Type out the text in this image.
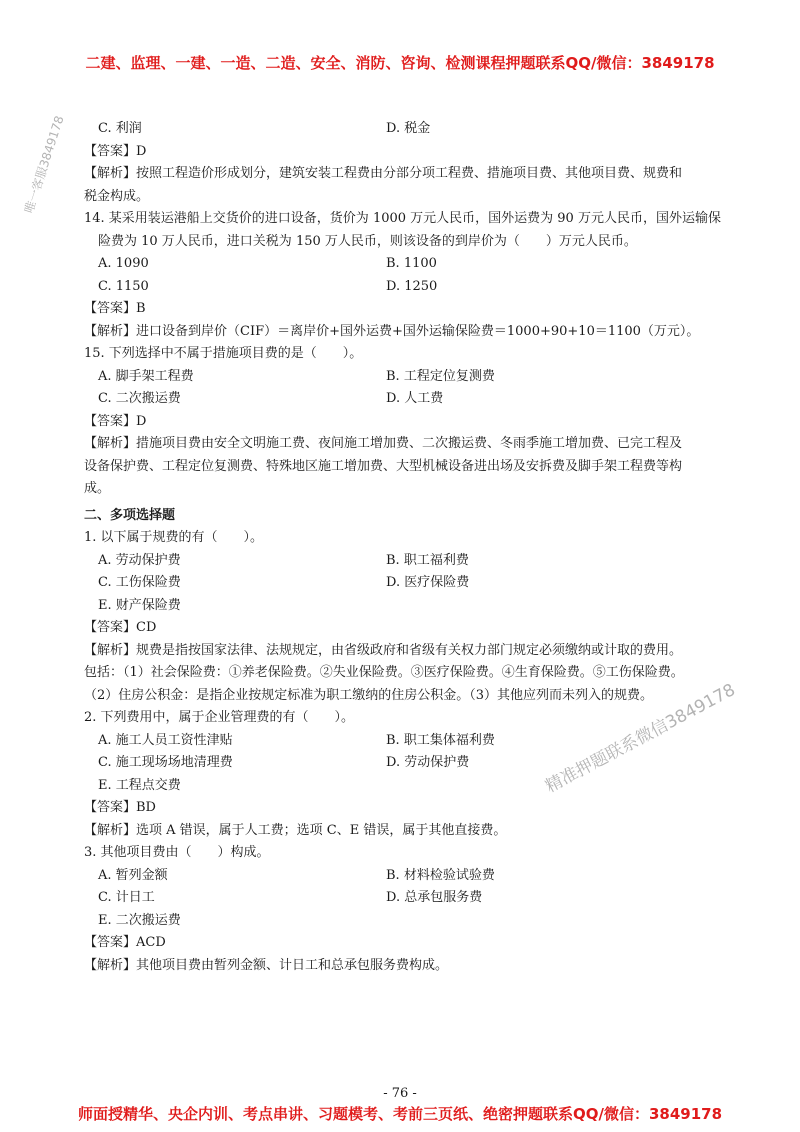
二建、监理、一建、一造、二造、安全、消防、咨询、检测课程押题联系QQ/微信：3849178
唯一客服3849178
精准押题联系微信3849178
C. 利润	D. 税金
【答案】D
【解析】按照工程造价形成划分，建筑安装工程费由分部分项工程费、措施项目费、其他项目费、规费和
税金构成。
14. 某采用装运港船上交货价的进口设备，货价为 1000 万元人民币，国外运费为 90 万元人民币，国外运输保
险费为 10 万人民币，进口关税为 150 万人民币，则该设备的到岸价为（　　）万元人民币。
A. 1090	B. 1100
C. 1150	D. 1250
【答案】B
【解析】进口设备到岸价（CIF）＝离岸价+国外运费+国外运输保险费＝1000+90+10＝1100（万元）。
15. 下列选择中不属于措施项目费的是（　　）。
A. 脚手架工程费	B. 工程定位复测费
C. 二次搬运费	D. 人工费
【答案】D
【解析】措施项目费由安全文明施工费、夜间施工增加费、二次搬运费、冬雨季施工增加费、已完工程及
设备保护费、工程定位复测费、特殊地区施工增加费、大型机械设备进出场及安拆费及脚手架工程费等构
成。
二、多项选择题
1. 以下属于规费的有（　　）。
A. 劳动保护费	B. 职工福利费
C. 工伤保险费	D. 医疗保险费
E. 财产保险费
【答案】CD
【解析】规费是指按国家法律、法规规定，由省级政府和省级有关权力部门规定必须缴纳或计取的费用。
包括：（1）社会保险费：①养老保险费。②失业保险费。③医疗保险费。④生育保险费。⑤工伤保险费。
（2）住房公积金：是指企业按规定标准为职工缴纳的住房公积金。（3）其他应列而未列入的规费。
2. 下列费用中，属于企业管理费的有（　　）。
A. 施工人员工资性津贴	B. 职工集体福利费
C. 施工现场场地清理费	D. 劳动保护费
E. 工程点交费
【答案】BD
【解析】选项 A 错误，属于人工费；选项 C、E 错误，属于其他直接费。
3. 其他项目费由（　　）构成。
A. 暂列金额	B. 材料检验试验费
C. 计日工	D. 总承包服务费
E. 二次搬运费
【答案】ACD
【解析】其他项目费由暂列金额、计日工和总承包服务费构成。
- 76 -
师面授精华、央企内训、考点串讲、习题模考、考前三页纸、绝密押题联系QQ/微信：3849178
